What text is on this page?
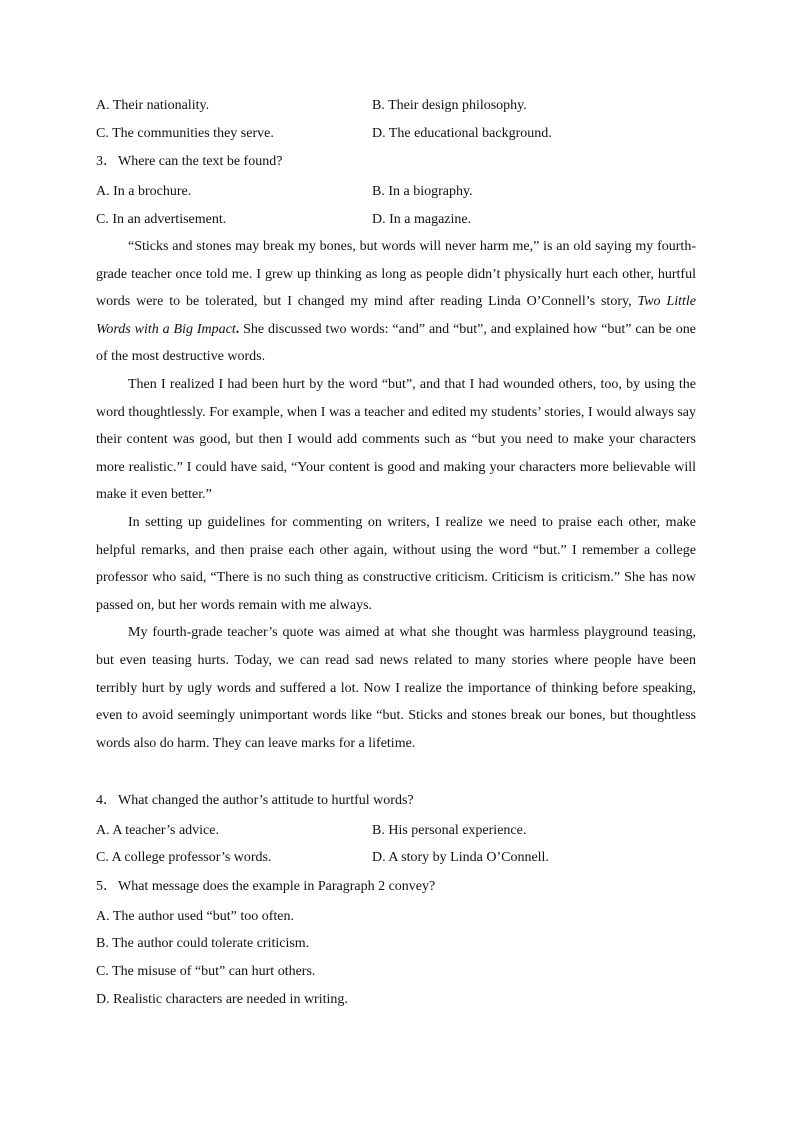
A. Their nationality.	B. Their design philosophy.
C. The communities they serve.	D. The educational background.
3．Where can the text be found?
A. In a brochure.	B. In a biography.
C. In an advertisement.	D. In a magazine.

“Sticks and stones may break my bones, but words will never harm me,” is an old saying my fourth-grade teacher once told me. I grew up thinking as long as people didn’t physically hurt each other, hurtful words were to be tolerated, but I changed my mind after reading Linda O’Connell’s story, Two Little Words with a Big Impact. She discussed two words: “and” and “but”, and explained how “but” can be one of the most destructive words.

Then I realized I had been hurt by the word “but”, and that I had wounded others, too, by using the word thoughtlessly. For example, when I was a teacher and edited my students’ stories, I would always say their content was good, but then I would add comments such as “but you need to make your characters more realistic.” I could have said, “Your content is good and making your characters more believable will make it even better.”

In setting up guidelines for commenting on writers, I realize we need to praise each other, make helpful remarks, and then praise each other again, without using the word “but.” I remember a college professor who said, “There is no such thing as constructive criticism. Criticism is criticism.” She has now passed on, but her words remain with me always.

My fourth-grade teacher’s quote was aimed at what she thought was harmless playground teasing, but even teasing hurts. Today, we can read sad news related to many stories where people have been terribly hurt by ugly words and suffered a lot. Now I realize the importance of thinking before speaking, even to avoid seemingly unimportant words like “but. Sticks and stones break our bones, but thoughtless words also do harm. They can leave marks for a lifetime.

4．What changed the author’s attitude to hurtful words?
A. A teacher’s advice.	B. His personal experience.
C. A college professor’s words.	D. A story by Linda O’Connell.
5．What message does the example in Paragraph 2 convey?
A. The author used “but” too often.
B. The author could tolerate criticism.
C. The misuse of “but” can hurt others.
D. Realistic characters are needed in writing.
